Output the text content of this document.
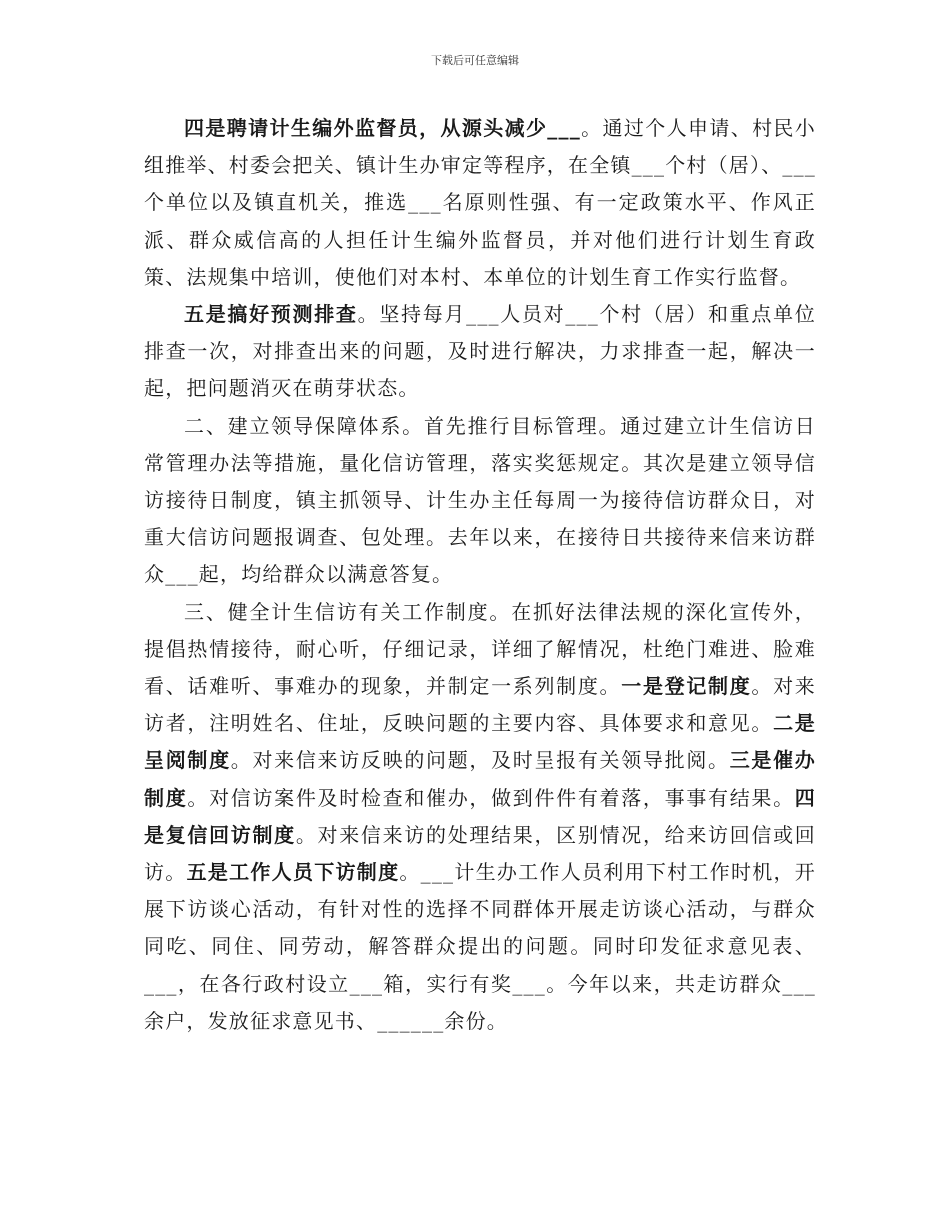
下载后可任意编辑

四是聘请计生编外监督员，从源头减少___。通过个人申请、村民小组推举、村委会把关、镇计生办审定等程序，在全镇___个村（居）、___个单位以及镇直机关，推选___名原则性强、有一定政策水平、作风正派、群众威信高的人担任计生编外监督员，并对他们进行计划生育政策、法规集中培训，使他们对本村、本单位的计划生育工作实行监督。

五是搞好预测排查。坚持每月___人员对___个村（居）和重点单位排查一次，对排查出来的问题，及时进行解决，力求排查一起，解决一起，把问题消灭在萌芽状态。

二、建立领导保障体系。首先推行目标管理。通过建立计生信访日常管理办法等措施，量化信访管理，落实奖惩规定。其次是建立领导信访接待日制度，镇主抓领导、计生办主任每周一为接待信访群众日，对重大信访问题报调查、包处理。去年以来，在接待日共接待来信来访群众___起，均给群众以满意答复。

三、健全计生信访有关工作制度。在抓好法律法规的深化宣传外，提倡热情接待，耐心听，仔细记录，详细了解情况，杜绝门难进、脸难看、话难听、事难办的现象，并制定一系列制度。一是登记制度。对来访者，注明姓名、住址，反映问题的主要内容、具体要求和意见。二是呈阅制度。对来信来访反映的问题，及时呈报有关领导批阅。三是催办制度。对信访案件及时检查和催办，做到件件有着落，事事有结果。四是复信回访制度。对来信来访的处理结果，区别情况，给来访回信或回访。五是工作人员下访制度。___计生办工作人员利用下村工作时机，开展下访谈心活动，有针对性的选择不同群体开展走访谈心活动，与群众同吃、同住、同劳动，解答群众提出的问题。同时印发征求意见表、___，在各行政村设立___箱，实行有奖___。今年以来，共走访群众___余户，发放征求意见书、______余份。
